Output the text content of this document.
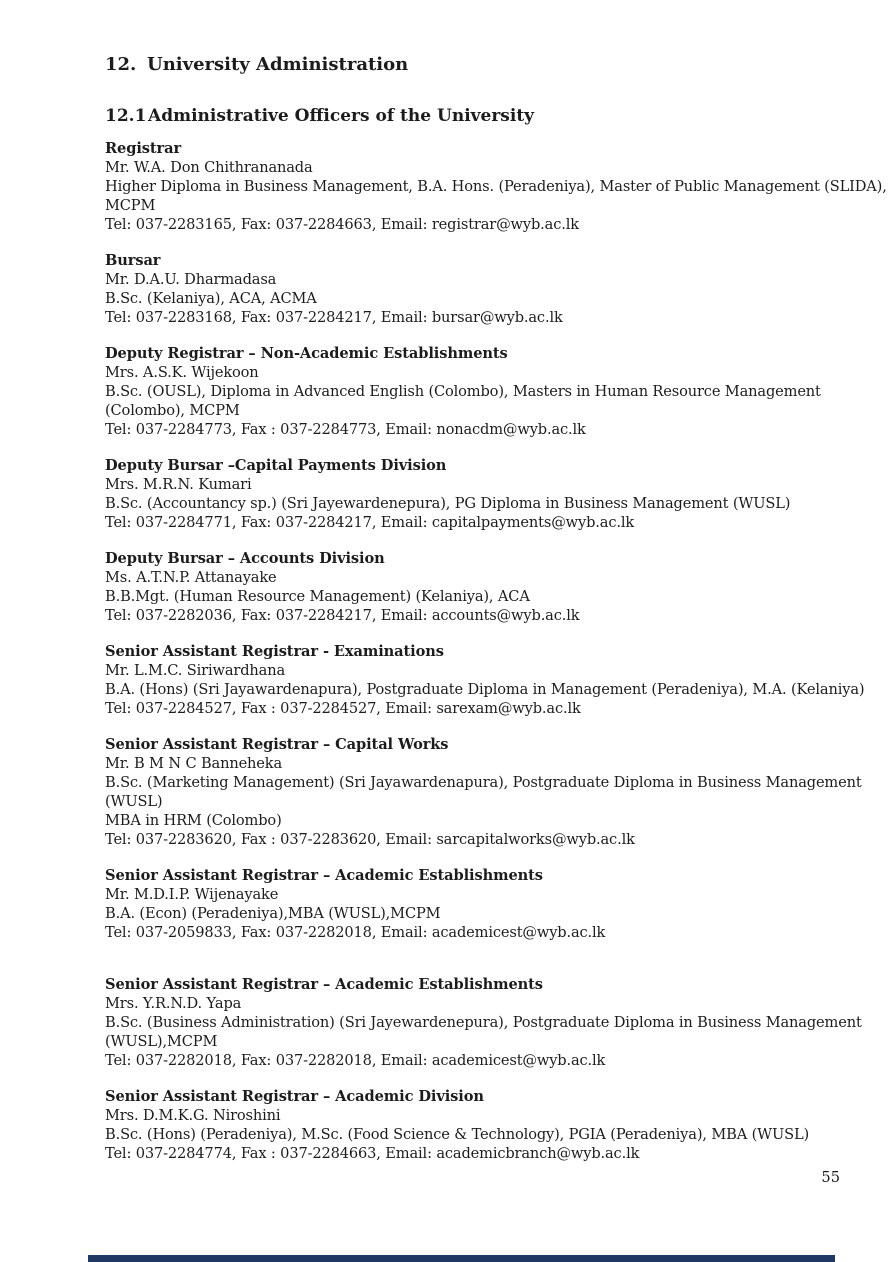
12. University Administration
12.1Administrative Officers of the University
Registrar
Mr. W.A. Don Chithrananada
Higher Diploma in Business Management, B.A. Hons. (Peradeniya), Master of Public Management (SLIDA),
MCPM
Tel: 037-2283165, Fax: 037-2284663, Email: registrar@wyb.ac.lk
Bursar
Mr. D.A.U. Dharmadasa
B.Sc. (Kelaniya), ACA, ACMA
Tel: 037-2283168, Fax: 037-2284217, Email: bursar@wyb.ac.lk
Deputy Registrar – Non-Academic Establishments
Mrs. A.S.K. Wijekoon
B.Sc. (OUSL), Diploma in Advanced English (Colombo), Masters in Human Resource Management
(Colombo), MCPM
Tel: 037-2284773, Fax : 037-2284773, Email: nonacdm@wyb.ac.lk
Deputy Bursar –Capital Payments Division
Mrs. M.R.N. Kumari
B.Sc. (Accountancy sp.) (Sri Jayewardenepura), PG Diploma in Business Management (WUSL)
Tel: 037-2284771, Fax: 037-2284217, Email: capitalpayments@wyb.ac.lk
Deputy Bursar – Accounts Division
Ms. A.T.N.P. Attanayake
B.B.Mgt. (Human Resource Management) (Kelaniya), ACA
Tel: 037-2282036, Fax: 037-2284217, Email: accounts@wyb.ac.lk
Senior Assistant Registrar - Examinations
Mr. L.M.C. Siriwardhana
B.A. (Hons) (Sri Jayawardenapura), Postgraduate Diploma in Management (Peradeniya), M.A. (Kelaniya)
Tel: 037-2284527, Fax : 037-2284527, Email: sarexam@wyb.ac.lk
Senior Assistant Registrar – Capital Works
Mr. B M N C Banneheka
B.Sc. (Marketing Management) (Sri Jayawardenapura), Postgraduate Diploma in Business Management
(WUSL)
MBA in HRM (Colombo)
Tel: 037-2283620, Fax : 037-2283620, Email: sarcapitalworks@wyb.ac.lk
Senior Assistant Registrar – Academic Establishments
Mr. M.D.I.P. Wijenayake
B.A. (Econ) (Peradeniya),MBA (WUSL),MCPM
Tel: 037-2059833, Fax: 037-2282018, Email: academicest@wyb.ac.lk
Senior Assistant Registrar – Academic Establishments
Mrs. Y.R.N.D. Yapa
B.Sc. (Business Administration) (Sri Jayewardenepura), Postgraduate Diploma in Business Management
(WUSL),MCPM
Tel: 037-2282018, Fax: 037-2282018, Email: academicest@wyb.ac.lk
Senior Assistant Registrar – Academic Division
Mrs. D.M.K.G. Niroshini
B.Sc. (Hons) (Peradeniya), M.Sc. (Food Science & Technology), PGIA (Peradeniya), MBA (WUSL)
Tel: 037-2284774, Fax : 037-2284663, Email: academicbranch@wyb.ac.lk
55
